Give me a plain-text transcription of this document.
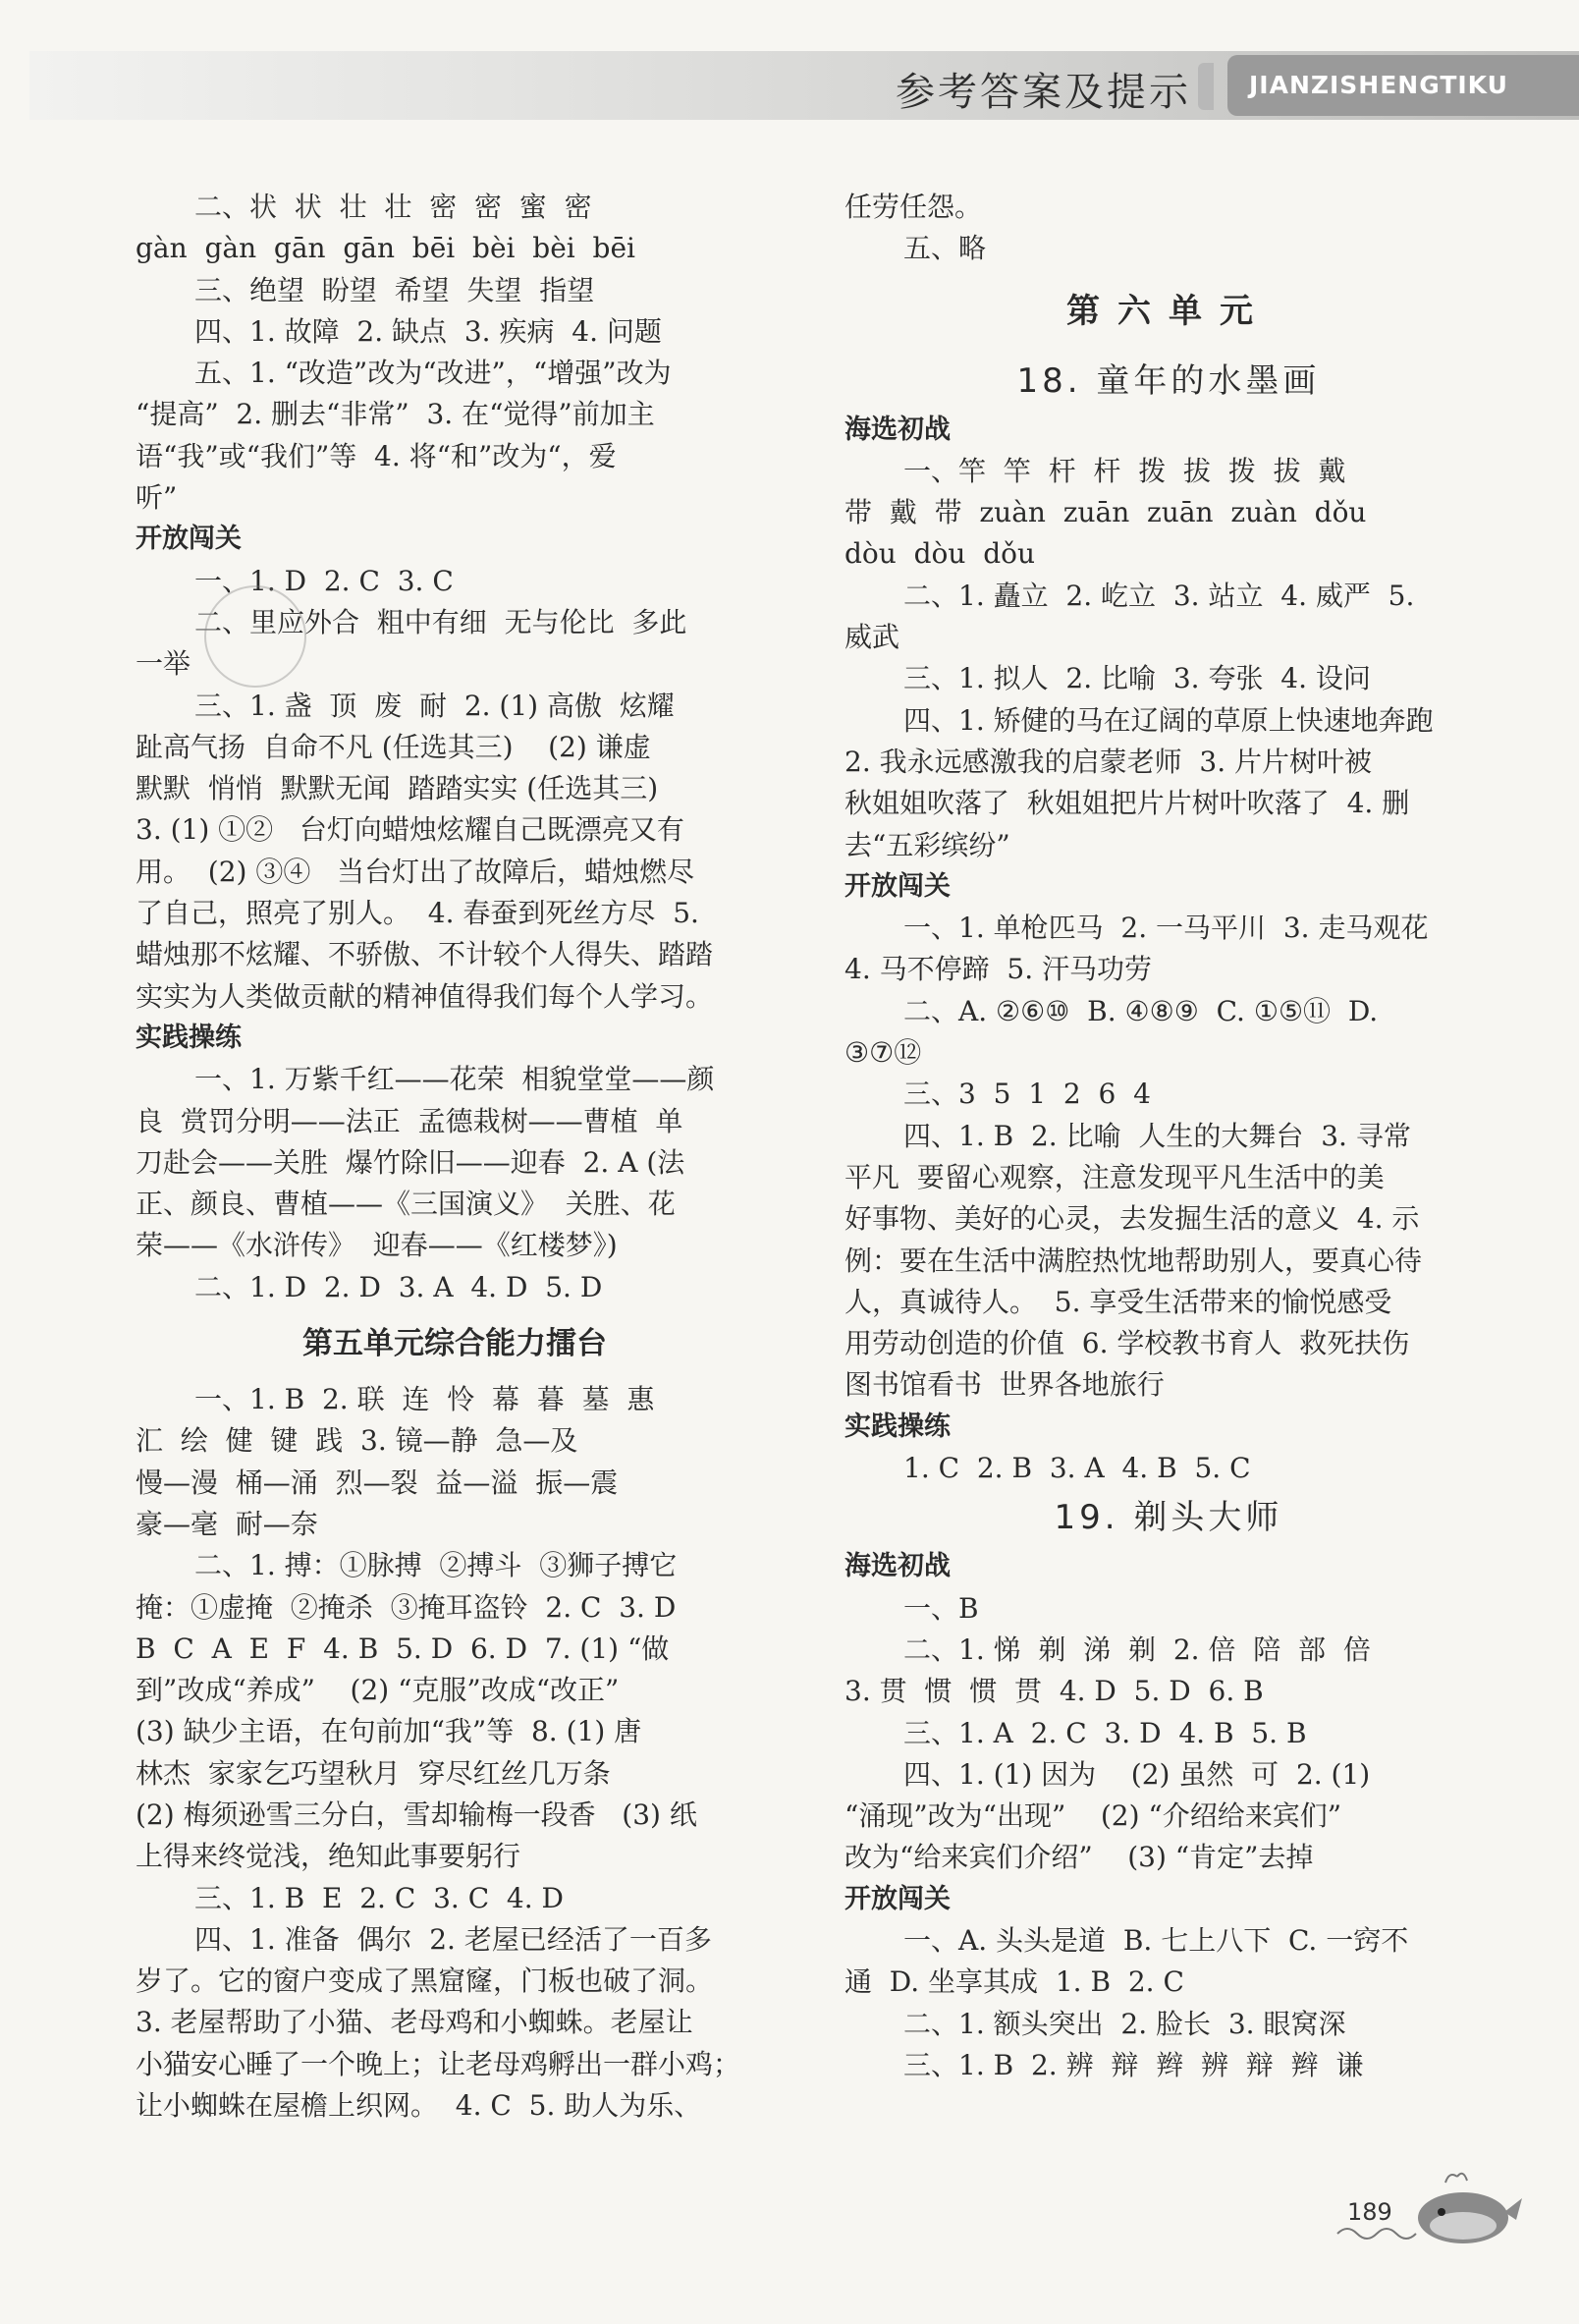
参考答案及提示	JIANZISHENGTIKU
二、状  状  壮  壮  密  密  蜜  密
gàn  gàn  gān  gān  bēi  bèi  bèi  bēi
三、绝望  盼望  希望  失望  指望
四、1. 故障  2. 缺点  3. 疾病  4. 问题
五、1. “改造”改为“改进”，“增强”改为
“提高”  2. 删去“非常”  3. 在“觉得”前加主
语“我”或“我们”等  4. 将“和”改为“，爱
听”
开放闯关
一、1. D  2. C  3. C
二、里应外合  粗中有细  无与伦比  多此
一举
三、1. 盏  顶  废  耐  2. (1) 高傲  炫耀
趾高气扬  自命不凡 (任选其三)    (2) 谦虚
默默  悄悄  默默无闻  踏踏实实 (任选其三)
3. (1) ①②   台灯向蜡烛炫耀自己既漂亮又有
用。  (2) ③④   当台灯出了故障后，蜡烛燃尽
了自己，照亮了别人。  4. 春蚕到死丝方尽  5.
蜡烛那不炫耀、不骄傲、不计较个人得失、踏踏
实实为人类做贡献的精神值得我们每个人学习。
实践操练
一、1. 万紫千红——花荣  相貌堂堂——颜
良  赏罚分明——法正  孟德栽树——曹植  单
刀赴会——关胜  爆竹除旧——迎春  2. A (法
正、颜良、曹植——《三国演义》  关胜、花
荣——《水浒传》  迎春——《红楼梦》)
二、1. D  2. D  3. A  4. D  5. D
第五单元综合能力擂台
一、1. B  2. 联  连  怜  幕  暮  墓  惠
汇  绘  健  键  践  3. 镜—静  急—及
慢—漫  桶—涌  烈—裂  益—溢  振—震
豪—毫  耐—奈
二、1. 搏：①脉搏  ②搏斗  ③狮子搏它
掩：①虚掩  ②掩杀  ③掩耳盗铃  2. C  3. D
B  C  A  E  F  4. B  5. D  6. D  7. (1) “做
到”改成“养成”    (2) “克服”改成“改正”
(3) 缺少主语，在句前加“我”等  8. (1) 唐
林杰  家家乞巧望秋月  穿尽红丝几万条
(2) 梅须逊雪三分白，雪却输梅一段香   (3) 纸
上得来终觉浅，绝知此事要躬行
三、1. B  E  2. C  3. C  4. D
四、1. 准备  偶尔  2. 老屋已经活了一百多
岁了。它的窗户变成了黑窟窿，门板也破了洞。
3. 老屋帮助了小猫、老母鸡和小蜘蛛。老屋让
小猫安心睡了一个晚上；让老母鸡孵出一群小鸡；
让小蜘蛛在屋檐上织网。  4. C  5. 助人为乐、
任劳任怨。
五、略
第六单元
18. 童年的水墨画
海选初战
一、竿  竿  杆  杆  拨  拔  拨  拔  戴
带  戴  带  zuàn  zuān  zuān  zuàn  dǒu
dòu  dòu  dǒu
二、1. 矗立  2. 屹立  3. 站立  4. 威严  5.
威武
三、1. 拟人  2. 比喻  3. 夸张  4. 设问
四、1. 矫健的马在辽阔的草原上快速地奔跑
2. 我永远感激我的启蒙老师  3. 片片树叶被
秋姐姐吹落了  秋姐姐把片片树叶吹落了  4. 删
去“五彩缤纷”
开放闯关
一、1. 单枪匹马  2. 一马平川  3. 走马观花
4. 马不停蹄  5. 汗马功劳
二、A. ②⑥⑩  B. ④⑧⑨  C. ①⑤⑪  D.
③⑦⑫
三、3  5  1  2  6  4
四、1. B  2. 比喻  人生的大舞台  3. 寻常
平凡  要留心观察，注意发现平凡生活中的美
好事物、美好的心灵，去发掘生活的意义  4. 示
例：要在生活中满腔热忱地帮助别人，要真心待
人，真诚待人。  5. 享受生活带来的愉悦感受
用劳动创造的价值  6. 学校教书育人  救死扶伤
图书馆看书  世界各地旅行
实践操练
1. C  2. B  3. A  4. B  5. C
19. 剃头大师
海选初战
一、B
二、1. 悌  剃  涕  剃  2. 倍  陪  部  倍
3. 贯  惯  惯  贯  4. D  5. D  6. B
三、1. A  2. C  3. D  4. B  5. B
四、1. (1) 因为    (2) 虽然  可  2. (1)
“涌现”改为“出现”    (2) “介绍给来宾们”
改为“给来宾们介绍”    (3) “肯定”去掉
开放闯关
一、A. 头头是道  B. 七上八下  C. 一窍不
通  D. 坐享其成  1. B  2. C
二、1. 额头突出  2. 脸长  3. 眼窝深
三、1. B  2. 辨  辩  辫  辨  辩  辫  谦
189
